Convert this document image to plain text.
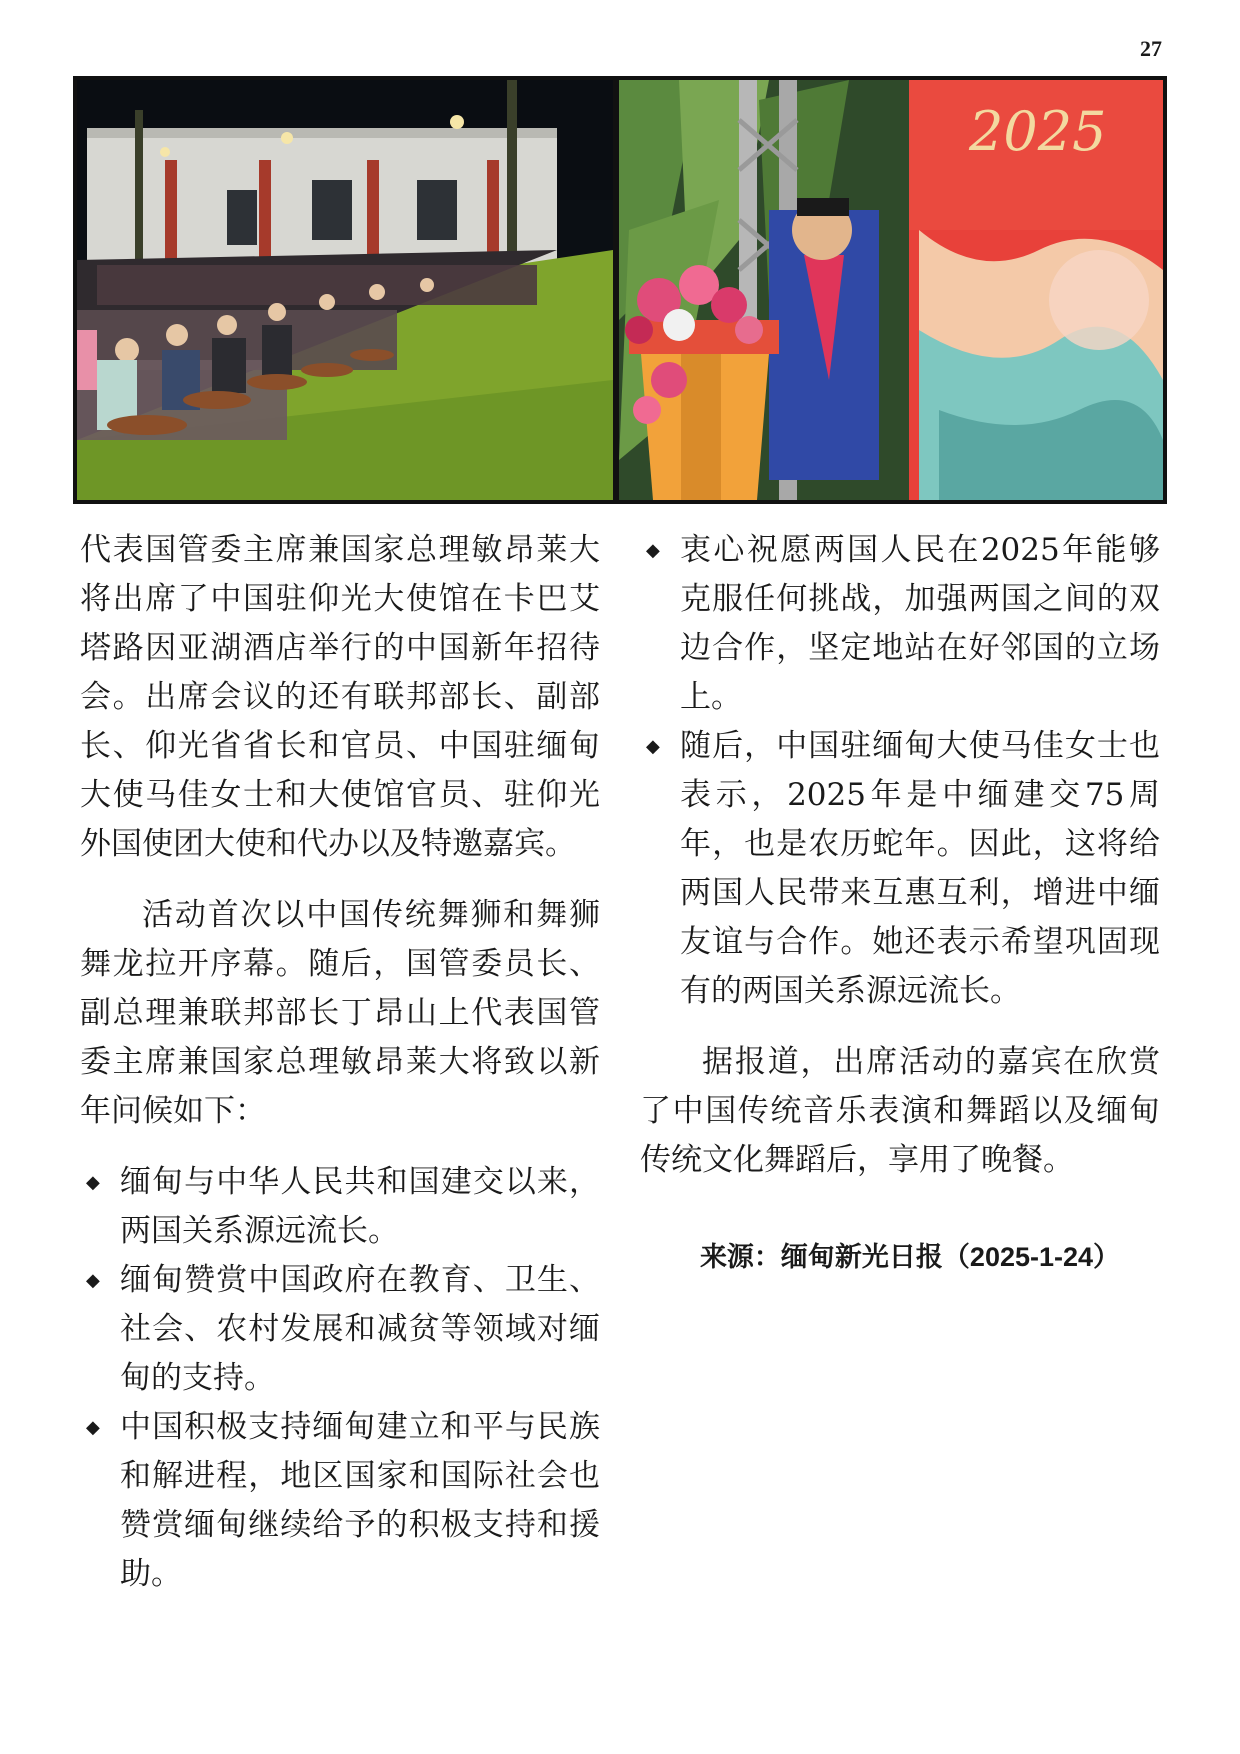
27
2025

代表国管委主席兼国家总理敏昂莱大将出席了中国驻仰光大使馆在卡巴艾塔路因亚湖酒店举行的中国新年招待会。出席会议的还有联邦部长、副部长、仰光省省长和官员、中国驻缅甸大使马佳女士和大使馆官员、驻仰光外国使团大使和代办以及特邀嘉宾。

活动首次以中国传统舞狮和舞狮舞龙拉开序幕。随后，国管委员长、副总理兼联邦部长丁昂山上代表国管委主席兼国家总理敏昂莱大将致以新年问候如下：

◆ 缅甸与中华人民共和国建交以来，两国关系源远流长。
◆ 缅甸赞赏中国政府在教育、卫生、社会、农村发展和减贫等领域对缅甸的支持。
◆ 中国积极支持缅甸建立和平与民族和解进程，地区国家和国际社会也赞赏缅甸继续给予的积极支持和援助。
◆ 衷心祝愿两国人民在2025年能够克服任何挑战，加强两国之间的双边合作，坚定地站在好邻国的立场上。
◆ 随后，中国驻缅甸大使马佳女士也表示，2025年是中缅建交75周年，也是农历蛇年。因此，这将给两国人民带来互惠互利，增进中缅友谊与合作。她还表示希望巩固现有的两国关系源远流长。

据报道，出席活动的嘉宾在欣赏了中国传统音乐表演和舞蹈以及缅甸传统文化舞蹈后，享用了晚餐。

来源：缅甸新光日报（2025-1-24）
